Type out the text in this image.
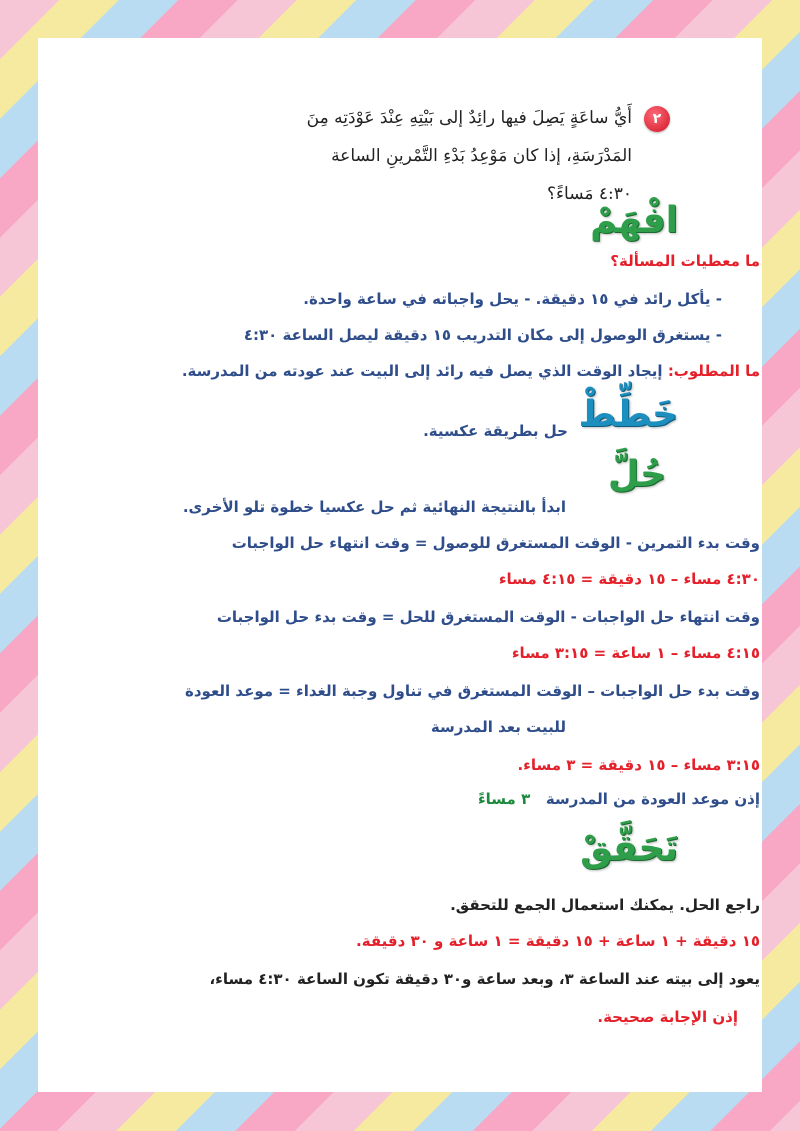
٢
أَيُّ ساعَةٍ يَصِلَ فيها رائِدٌ إلى بَيْتِهِ عِنْدَ عَوْدَتِه مِنَ
المَدْرَسَةِ، إذا كان مَوْعِدُ بَدْءِ التَّمْرينِ الساعة
٤:٣٠ مَساءً؟
افْهَمْ
ما معطيات المسألة؟
- يأكل رائد في ١٥ دقيقة. - يحل واجباته في ساعة واحدة.
- يستغرق الوصول إلى مكان التدريب ١٥ دقيقة ليصل الساعة ٤:٣٠
ما المطلوب: إيجاد الوقت الذي يصل فيه رائد إلى البيت عند عودته من المدرسة.
خَطِّطْ
حل بطريقة عكسية.
حُلَّ
ابدأ بالنتيجة النهائية ثم حل عكسيا خطوة تلو الأخرى.
وقت بدء التمرين - الوقت المستغرق للوصول = وقت انتهاء حل الواجبات
٤:٣٠ مساء – ١٥ دقيقة = ٤:١٥ مساء
وقت انتهاء حل الواجبات - الوقت المستغرق للحل = وقت بدء حل الواجبات
٤:١٥ مساء – ١ ساعة = ٣:١٥ مساء
وقت بدء حل الواجبات – الوقت المستغرق في تناول وجبة الغداء = موعد العودة
للبيت بعد المدرسة
٣:١٥ مساء – ١٥ دقيقة = ٣ مساء.
إذن موعد العودة من المدرسة   ٣ مساءً
تَحَقَّقْ
راجع الحل. يمكنك استعمال الجمع للتحقق.
١٥ دقيقة + ١ ساعة + ١٥ دقيقة = ١ ساعة و ٣٠ دقيقة.
يعود إلى بيته عند الساعة ٣، وبعد ساعة و٣٠ دقيقة تكون الساعة ٤:٣٠ مساء،
إذن الإجابة صحيحة.
